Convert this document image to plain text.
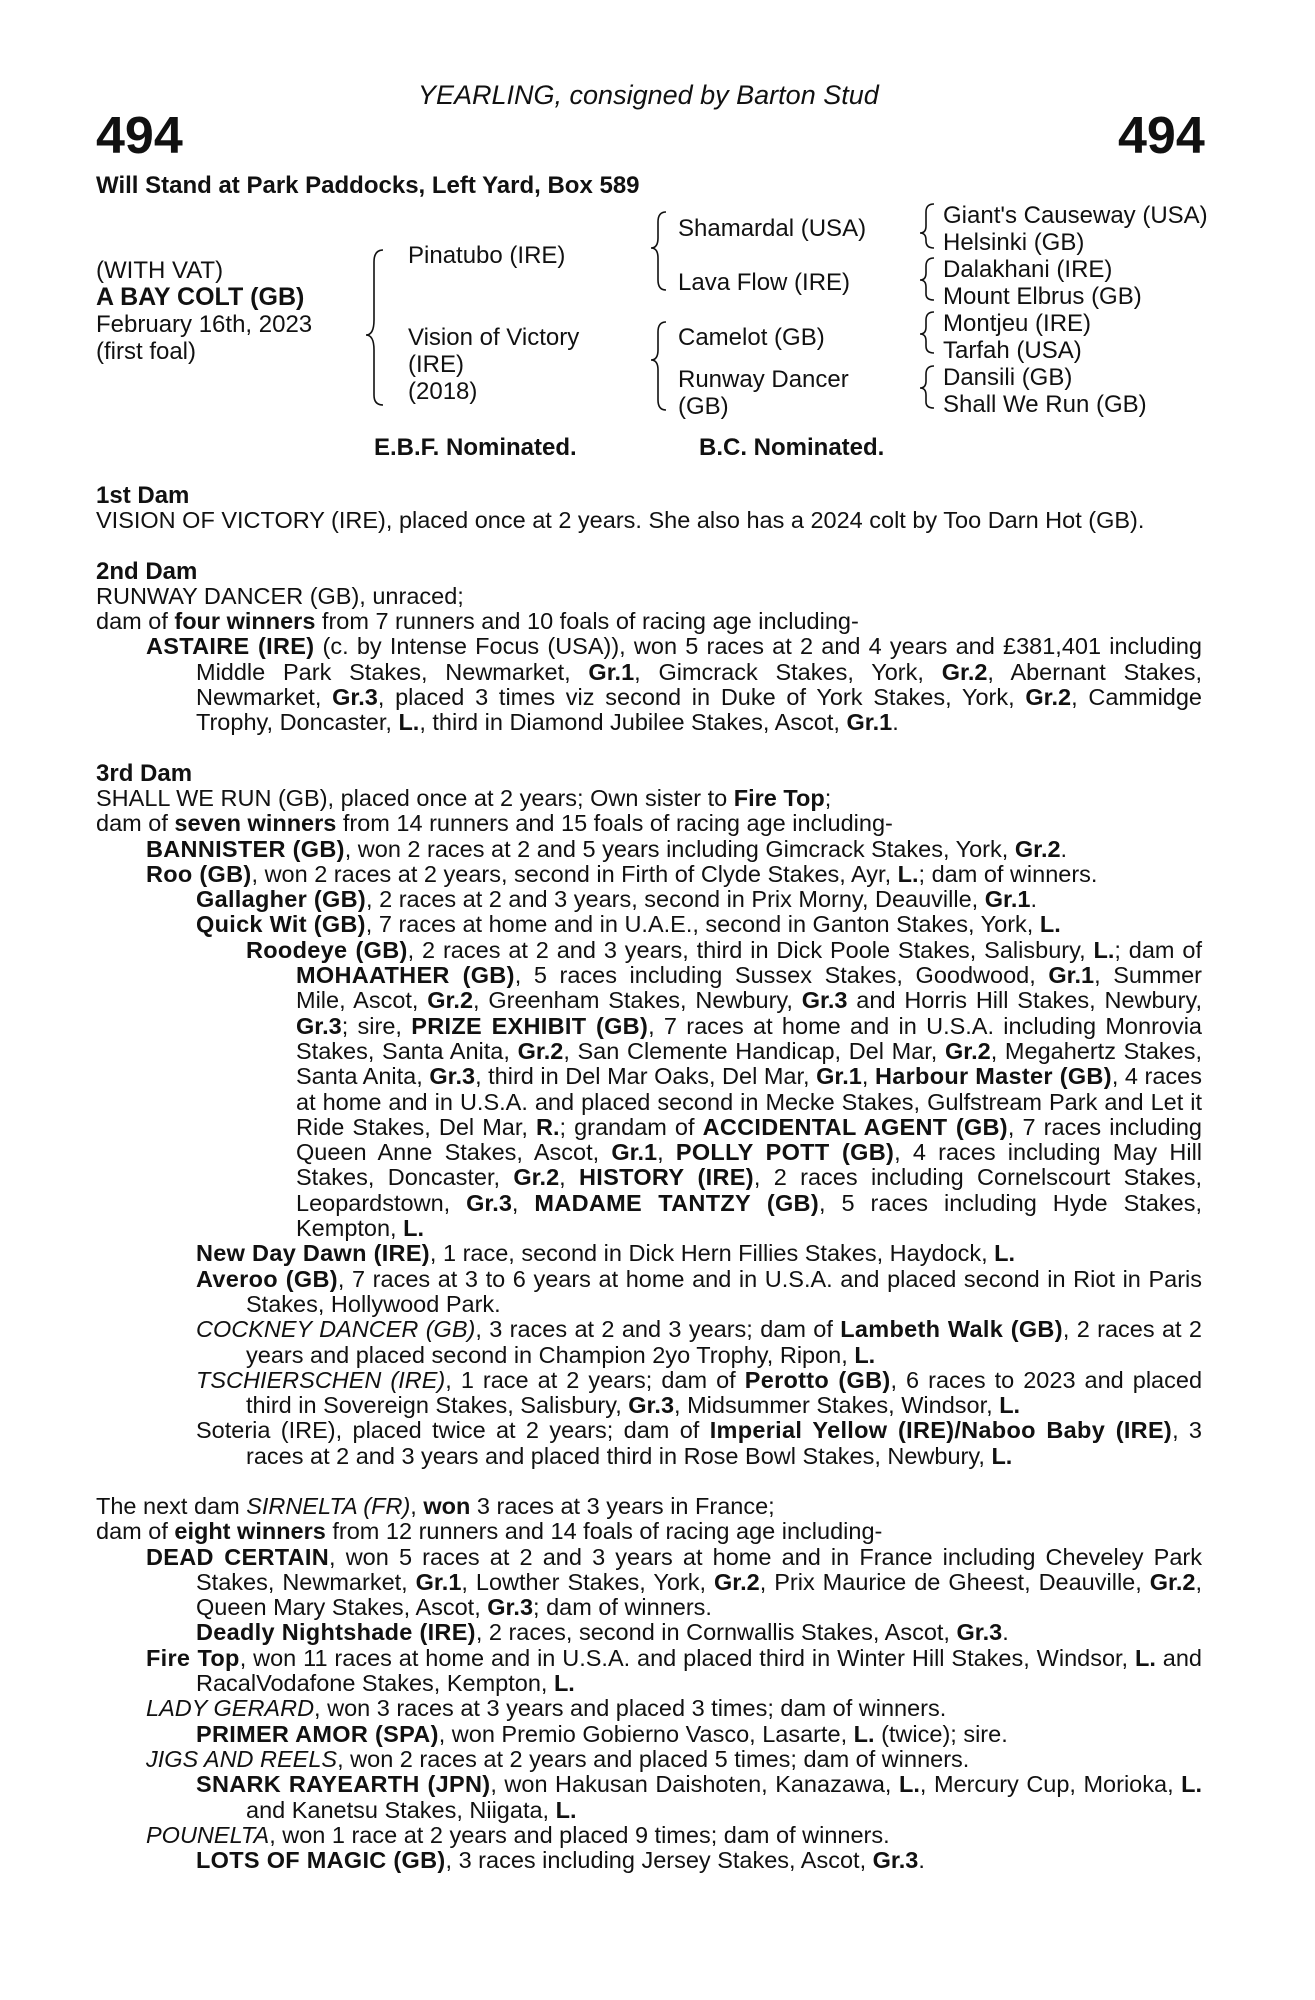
YEARLING, consigned by Barton Stud
494	494
Will Stand at Park Paddocks, Left Yard, Box 589
(WITH VAT)
A BAY COLT (GB)
February 16th, 2023
(first foal)
Pinatubo (IRE)
Vision of Victory
(IRE)
(2018)
Shamardal (USA)
Lava Flow (IRE)
Camelot (GB)
Runway Dancer
(GB)
Giant's Causeway (USA)
Helsinki (GB)
Dalakhani (IRE)
Mount Elbrus (GB)
Montjeu (IRE)
Tarfah (USA)
Dansili (GB)
Shall We Run (GB)
E.B.F. Nominated.	B.C. Nominated.

1st Dam

VISION OF VICTORY (IRE), placed once at 2 years. She also has a 2024 colt by Too Darn Hot (GB).

2nd Dam

RUNWAY DANCER (GB), unraced;

dam of four winners from 7 runners and 10 foals of racing age including-

ASTAIRE (IRE) (c. by Intense Focus (USA)), won 5 races at 2 and 4 years and £381,401 including Middle Park Stakes, Newmarket, Gr.1, Gimcrack Stakes, York, Gr.2, Abernant Stakes, Newmarket, Gr.3, placed 3 times viz second in Duke of York Stakes, York, Gr.2, Cammidge Trophy, Doncaster, L., third in Diamond Jubilee Stakes, Ascot, Gr.1.

3rd Dam

SHALL WE RUN (GB), placed once at 2 years; Own sister to Fire Top;

dam of seven winners from 14 runners and 15 foals of racing age including-

BANNISTER (GB), won 2 races at 2 and 5 years including Gimcrack Stakes, York, Gr.2.

Roo (GB), won 2 races at 2 years, second in Firth of Clyde Stakes, Ayr, L.; dam of winners.

Gallagher (GB), 2 races at 2 and 3 years, second in Prix Morny, Deauville, Gr.1.

Quick Wit (GB), 7 races at home and in U.A.E., second in Ganton Stakes, York, L.

Roodeye (GB), 2 races at 2 and 3 years, third in Dick Poole Stakes, Salisbury, L.; dam of MOHAATHER (GB), 5 races including Sussex Stakes, Goodwood, Gr.1, Summer Mile, Ascot, Gr.2, Greenham Stakes, Newbury, Gr.3 and Horris Hill Stakes, Newbury, Gr.3; sire, PRIZE EXHIBIT (GB), 7 races at home and in U.S.A. including Monrovia Stakes, Santa Anita, Gr.2, San Clemente Handicap, Del Mar, Gr.2, Megahertz Stakes, Santa Anita, Gr.3, third in Del Mar Oaks, Del Mar, Gr.1, Harbour Master (GB), 4 races at home and in U.S.A. and placed second in Mecke Stakes, Gulfstream Park and Let it Ride Stakes, Del Mar, R.; grandam of ACCIDENTAL AGENT (GB), 7 races including Queen Anne Stakes, Ascot, Gr.1, POLLY POTT (GB), 4 races including May Hill Stakes, Doncaster, Gr.2, HISTORY (IRE), 2 races including Cornelscourt Stakes, Leopardstown, Gr.3, MADAME TANTZY (GB), 5 races including Hyde Stakes, Kempton, L.

New Day Dawn (IRE), 1 race, second in Dick Hern Fillies Stakes, Haydock, L.

Averoo (GB), 7 races at 3 to 6 years at home and in U.S.A. and placed second in Riot in Paris Stakes, Hollywood Park.

COCKNEY DANCER (GB), 3 races at 2 and 3 years; dam of Lambeth Walk (GB), 2 races at 2 years and placed second in Champion 2yo Trophy, Ripon, L.

TSCHIERSCHEN (IRE), 1 race at 2 years; dam of Perotto (GB), 6 races to 2023 and placed third in Sovereign Stakes, Salisbury, Gr.3, Midsummer Stakes, Windsor, L.

Soteria (IRE), placed twice at 2 years; dam of Imperial Yellow (IRE)/Naboo Baby (IRE), 3 races at 2 and 3 years and placed third in Rose Bowl Stakes, Newbury, L.

The next dam SIRNELTA (FR), won 3 races at 3 years in France;

dam of eight winners from 12 runners and 14 foals of racing age including-

DEAD CERTAIN, won 5 races at 2 and 3 years at home and in France including Cheveley Park Stakes, Newmarket, Gr.1, Lowther Stakes, York, Gr.2, Prix Maurice de Gheest, Deauville, Gr.2, Queen Mary Stakes, Ascot, Gr.3; dam of winners.

Deadly Nightshade (IRE), 2 races, second in Cornwallis Stakes, Ascot, Gr.3.

Fire Top, won 11 races at home and in U.S.A. and placed third in Winter Hill Stakes, Windsor, L. and RacalVodafone Stakes, Kempton, L.

LADY GERARD, won 3 races at 3 years and placed 3 times; dam of winners.

PRIMER AMOR (SPA), won Premio Gobierno Vasco, Lasarte, L. (twice); sire.

JIGS AND REELS, won 2 races at 2 years and placed 5 times; dam of winners.

SNARK RAYEARTH (JPN), won Hakusan Daishoten, Kanazawa, L., Mercury Cup, Morioka, L. and Kanetsu Stakes, Niigata, L.

POUNELTA, won 1 race at 2 years and placed 9 times; dam of winners.

LOTS OF MAGIC (GB), 3 races including Jersey Stakes, Ascot, Gr.3.
